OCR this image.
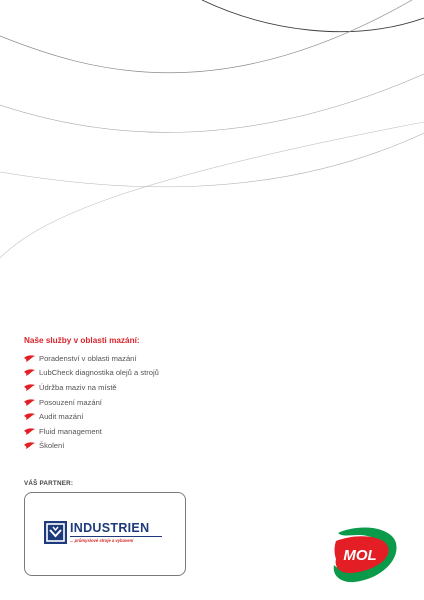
Naše služby v oblasti mazání:
Poradenství v oblasti mazání
LubCheck diagnostika olejů a strojů
Údržba maziv na místě
Posouzení mazání
Audit mazání
Fluid management
Školení
VÁŠ PARTNER:
INDUSTRIEN
... průmyslové stroje a vybavení
MOL
